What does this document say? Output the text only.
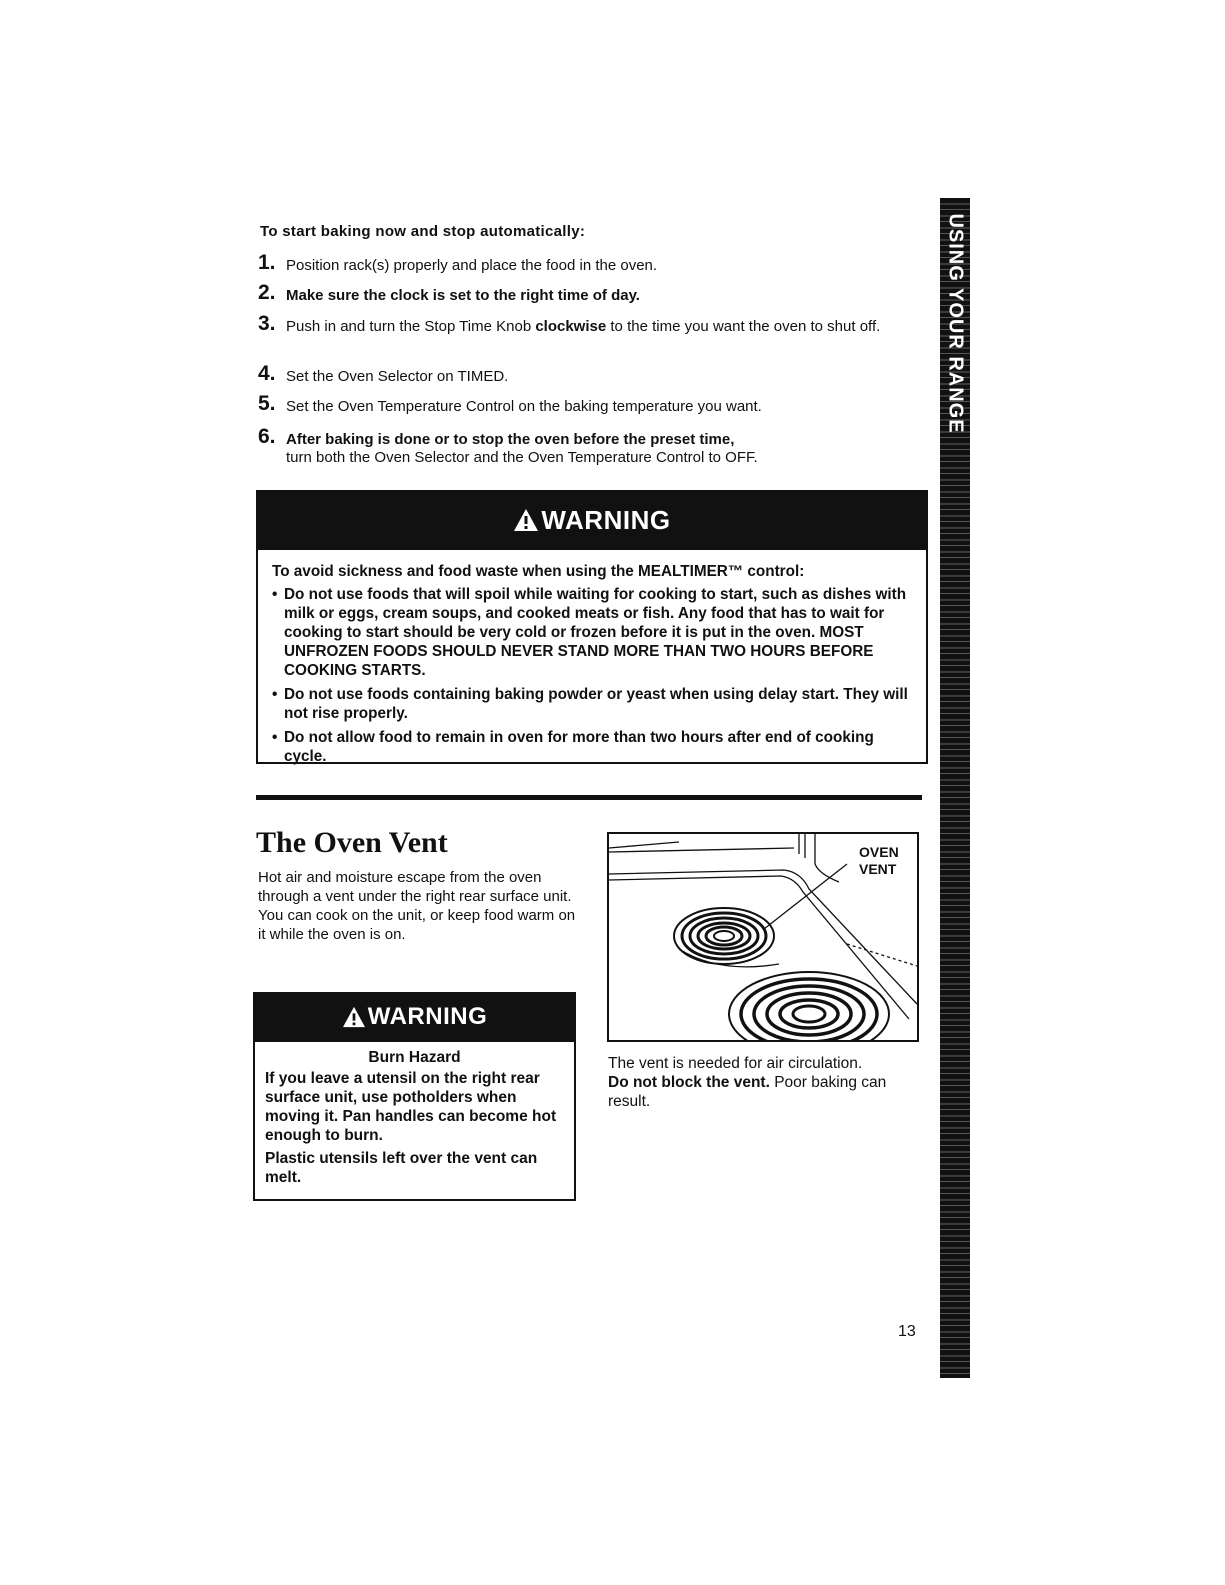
To start baking now and stop automatically:
1. Position rack(s) properly and place the food in the oven.
2. Make sure the clock is set to the right time of day.
3. Push in and turn the Stop Time Knob clockwise to the time you want the oven to shut off.
4. Set the Oven Selector on TIMED.
5. Set the Oven Temperature Control on the baking temperature you want.
6. After baking is done or to stop the oven before the preset time,
turn both the Oven Selector and the Oven Temperature Control to OFF.
WARNING
To avoid sickness and food waste when using the MEALTIMER™ control:
• Do not use foods that will spoil while waiting for cooking to start, such as dishes with milk or eggs, cream soups, and cooked meats or fish. Any food that has to wait for cooking to start should be very cold or frozen before it is put in the oven. MOST UNFROZEN FOODS SHOULD NEVER STAND MORE THAN TWO HOURS BEFORE COOKING STARTS.
• Do not use foods containing baking powder or yeast when using delay start. They will not rise properly.
• Do not allow food to remain in oven for more than two hours after end of cooking cycle.
The Oven Vent
Hot air and moisture escape from the oven through a vent under the right rear surface unit. You can cook on the unit, or keep food warm on it while the oven is on.
WARNING
Burn Hazard
If you leave a utensil on the right rear surface unit, use potholders when moving it. Pan handles can become hot enough to burn.
Plastic utensils left over the vent can melt.
OVEN
VENT
The vent is needed for air circulation.
Do not block the vent. Poor baking can result.
13
USING YOUR RANGE
